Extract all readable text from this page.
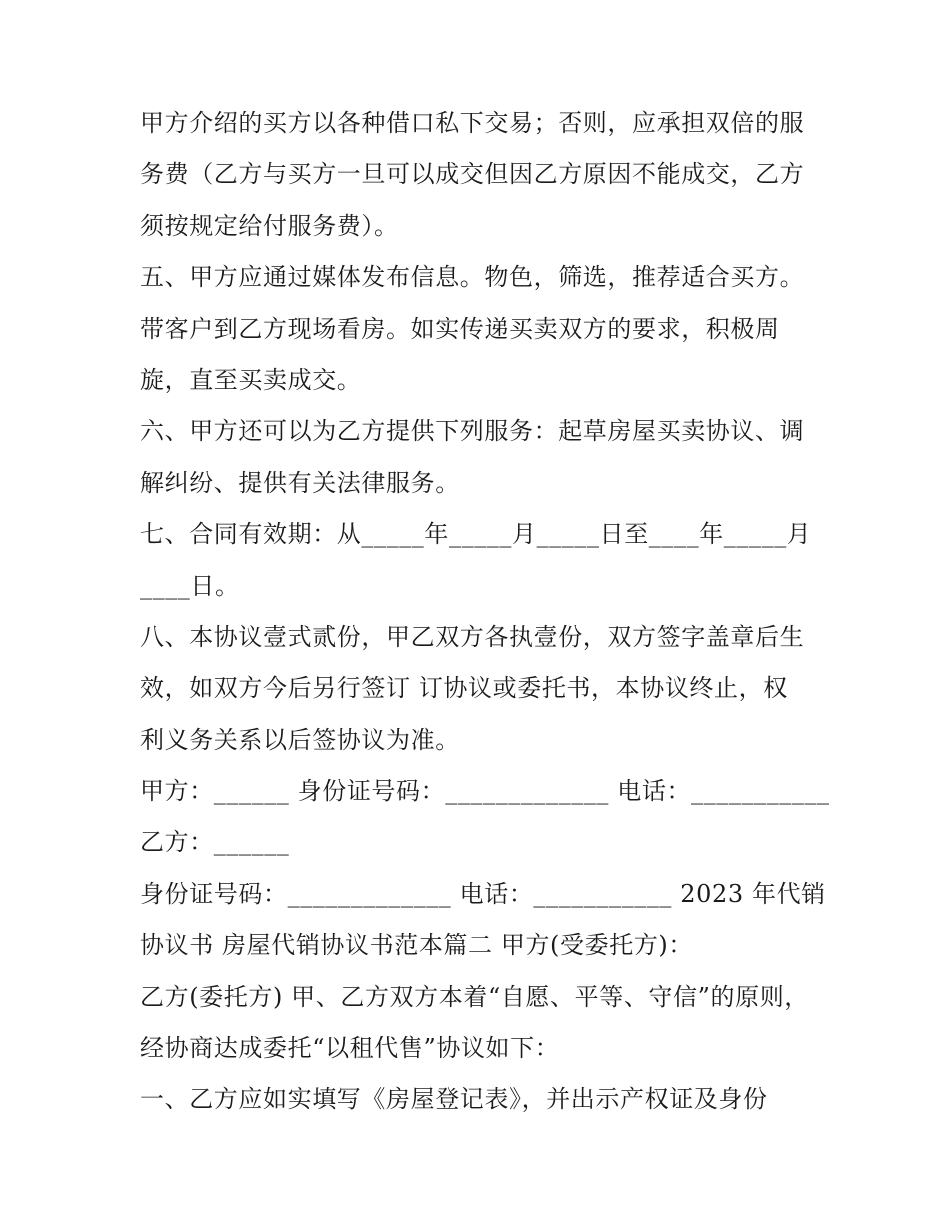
甲方介绍的买方以各种借口私下交易；否则，应承担双倍的服
务费（乙方与买方一旦可以成交但因乙方原因不能成交，乙方
须按规定给付服务费）。
五、甲方应通过媒体发布信息。物色，筛选，推荐适合买方。
带客户到乙方现场看房。如实传递买卖双方的要求，积极周
旋，直至买卖成交。
六、甲方还可以为乙方提供下列服务：起草房屋买卖协议、调
解纠纷、提供有关法律服务。
七、合同有效期：从_____年_____月_____日至____年_____月
____日。
八、本协议壹式贰份，甲乙双方各执壹份，双方签字盖章后生
效，如双方今后另行签订 订协议或委托书，本协议终止，权
利义务关系以后签协议为准。
甲方：______ 身份证号码：_____________ 电话：___________
乙方：______
身份证号码：_____________ 电话：___________ 2023 年代销
协议书 房屋代销协议书范本篇二 甲方(受委托方)：
乙方(委托方) 甲、乙方双方本着“自愿、平等、守信”的原则，
经协商达成委托“以租代售”协议如下：
一、乙方应如实填写《房屋登记表》，并出示产权证及身份
